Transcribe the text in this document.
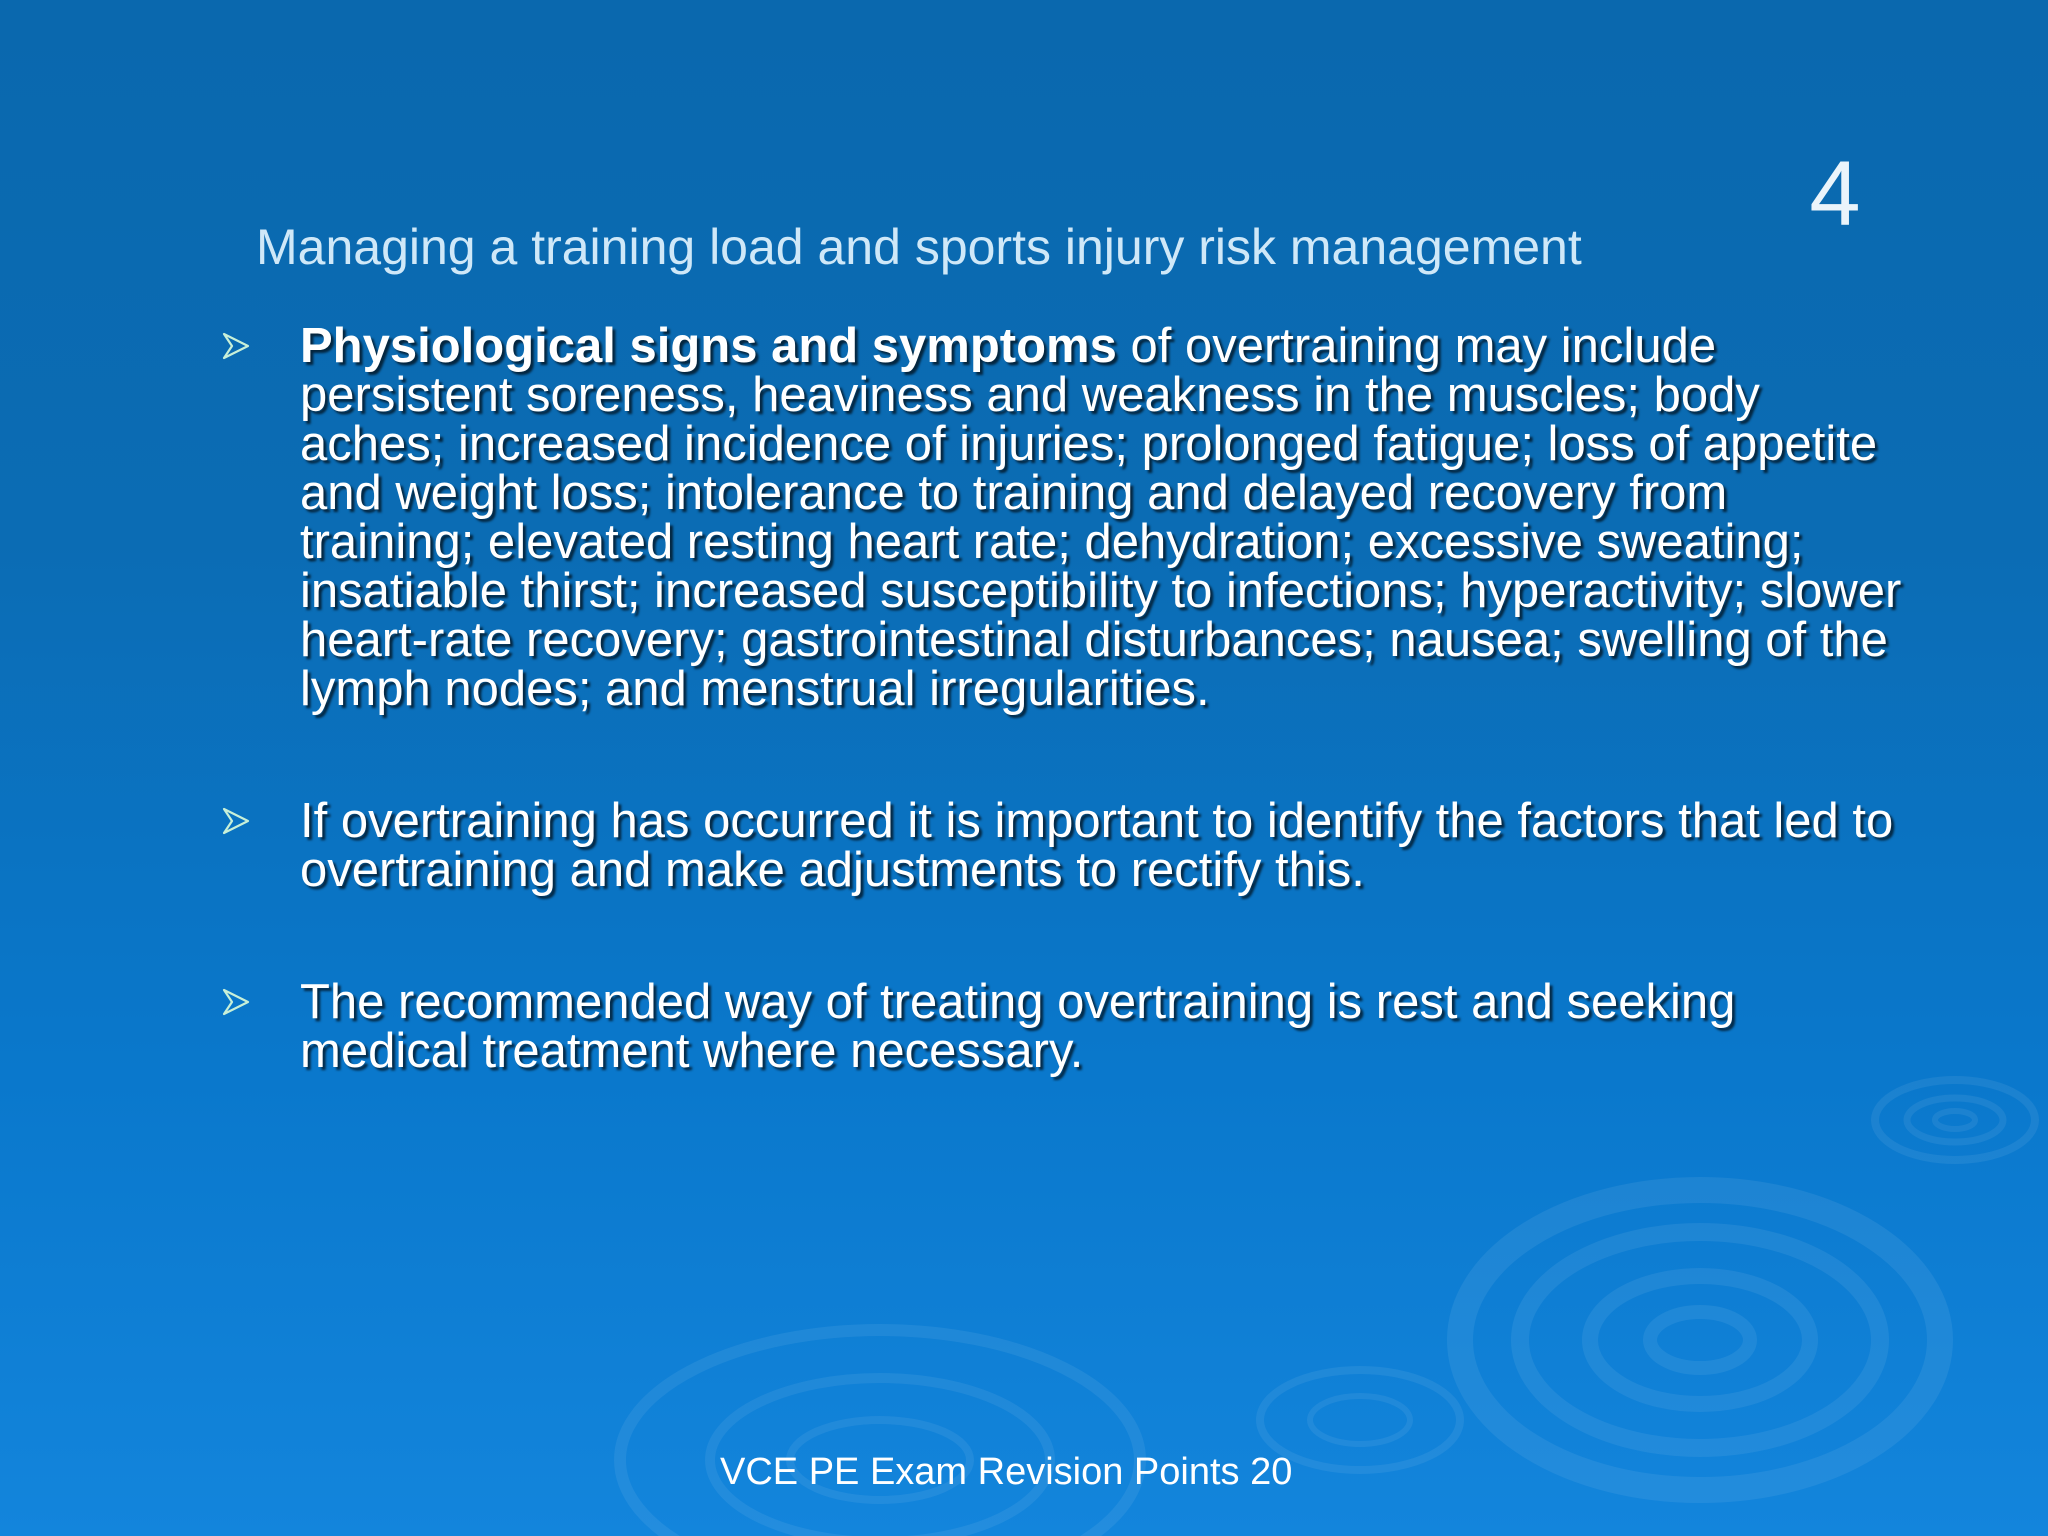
4
Managing a training load and sports injury risk management
Physiological signs and symptoms of overtraining may include persistent soreness, heaviness and weakness in the muscles; body aches; increased incidence of injuries; prolonged fatigue; loss of appetite and weight loss; intolerance to training and delayed recovery from training; elevated resting heart rate; dehydration; excessive sweating; insatiable thirst; increased susceptibility to infections; hyperactivity; slower heart-rate recovery; gastrointestinal disturbances; nausea; swelling of the lymph nodes; and menstrual irregularities.
If overtraining has occurred it is important to identify the factors that led to overtraining and make adjustments to rectify this.
The recommended way of treating overtraining is rest and seeking medical treatment where necessary.
VCE PE Exam Revision Points 20
